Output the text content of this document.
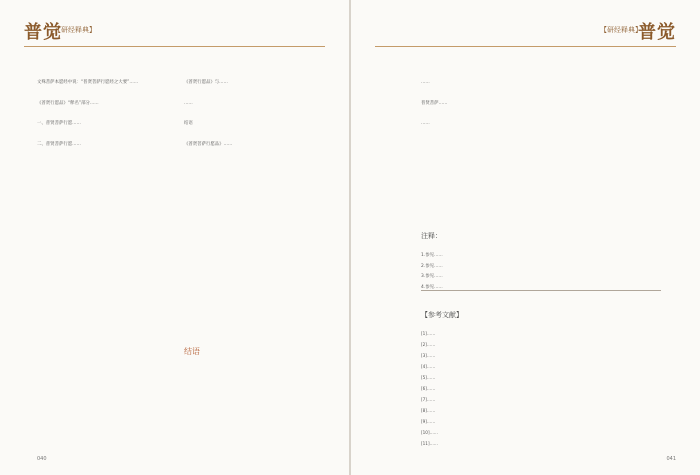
普觉
【研经释典】
文殊菩萨本愿经中说：“普贤菩萨行愿经之大要”……

《普贤行愿品》“释名”部分……

一、普贤菩萨行愿……

二、普贤菩萨行愿……
《普贤行愿品》与……

……

结语

《普贤菩萨行愿品》……
结语
040
【研经释典】
普觉
……

普贤菩萨……

……
注释：
1.参见……
2.参见……
3.参见……
4.参见……
【参考文献】
[1]……
[2]……
[3]……
[4]……
[5]……
[6]……
[7]……
[8]……
[9]……
[10]……
[11]……
041
